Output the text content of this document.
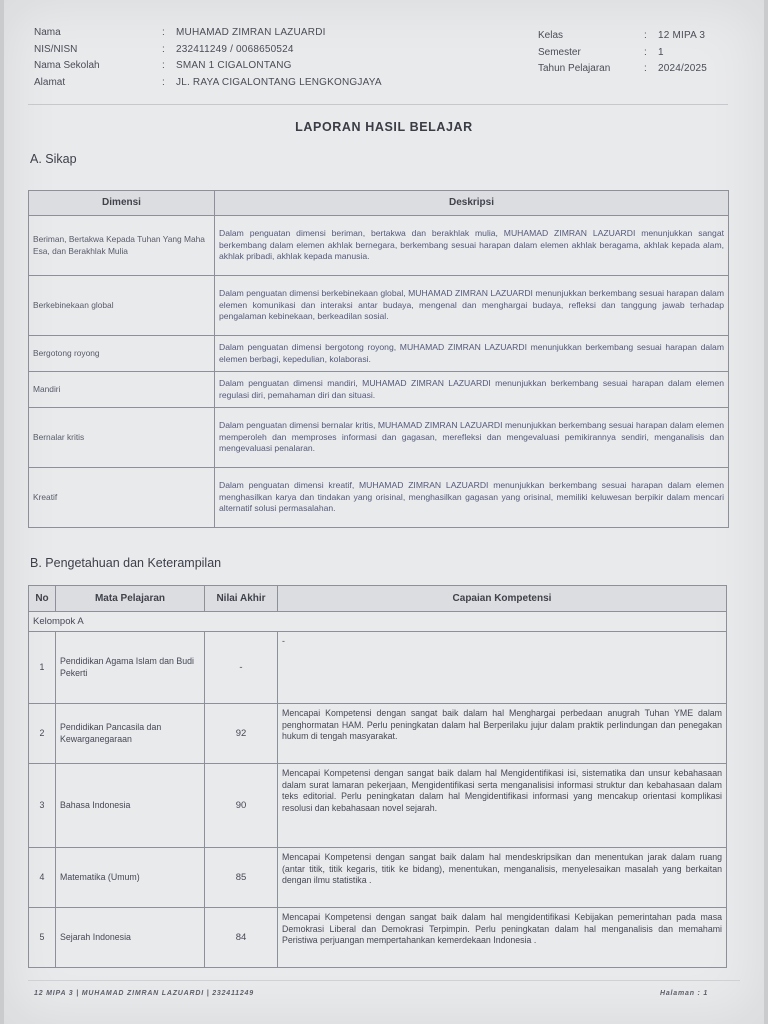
Nama	:	MUHAMAD ZIMRAN LAZUARDI
NIS/NISN	:	232411249 / 0068650524
Nama Sekolah	:	SMAN 1 CIGALONTANG
Alamat	:	JL. RAYA CIGALONTANG LENGKONGJAYA
Kelas	:	12 MIPA 3
Semester	:	1
Tahun Pelajaran	:	2024/2025
LAPORAN HASIL BELAJAR
A. Sikap
Dimensi	Deskripsi
Beriman, Bertakwa Kepada Tuhan Yang Maha Esa, dan Berakhlak Mulia	Dalam penguatan dimensi beriman, bertakwa dan berakhlak mulia, MUHAMAD ZIMRAN LAZUARDI menunjukkan sangat berkembang dalam elemen akhlak bernegara, berkembang sesuai harapan dalam elemen akhlak beragama, akhlak kepada alam, akhlak pribadi, akhlak kepada manusia.
Berkebinekaan global	Dalam penguatan dimensi berkebinekaan global, MUHAMAD ZIMRAN LAZUARDI menunjukkan berkembang sesuai harapan dalam elemen komunikasi dan interaksi antar budaya, mengenal dan menghargai budaya, refleksi dan tanggung jawab terhadap pengalaman kebinekaan, berkeadilan sosial.
Bergotong royong	Dalam penguatan dimensi bergotong royong, MUHAMAD ZIMRAN LAZUARDI menunjukkan berkembang sesuai harapan dalam elemen berbagi, kepedulian, kolaborasi.
Mandiri	Dalam penguatan dimensi mandiri, MUHAMAD ZIMRAN LAZUARDI menunjukkan berkembang sesuai harapan dalam elemen regulasi diri, pemahaman diri dan situasi.
Bernalar kritis	Dalam penguatan dimensi bernalar kritis, MUHAMAD ZIMRAN LAZUARDI menunjukkan berkembang sesuai harapan dalam elemen memperoleh dan memproses informasi dan gagasan, merefleksi dan mengevaluasi pemikirannya sendiri, menganalisis dan mengevaluasi penalaran.
Kreatif	Dalam penguatan dimensi kreatif, MUHAMAD ZIMRAN LAZUARDI menunjukkan berkembang sesuai harapan dalam elemen menghasilkan karya dan tindakan yang orisinal, menghasilkan gagasan yang orisinal, memiliki keluwesan berpikir dalam mencari alternatif solusi permasalahan.
B. Pengetahuan dan Keterampilan
No	Mata Pelajaran	Nilai Akhir	Capaian Kompetensi
Kelompok A			
1	Pendidikan Agama Islam dan Budi Pekerti	-	-
2	Pendidikan Pancasila dan Kewarganegaraan	92	Mencapai Kompetensi dengan sangat baik dalam hal Menghargai perbedaan anugrah Tuhan YME dalam penghormatan HAM. Perlu peningkatan dalam hal Berperilaku jujur dalam praktik perlindungan dan penegakan hukum di tengah masyarakat.
3	Bahasa Indonesia	90	Mencapai Kompetensi dengan sangat baik dalam hal Mengidentifikasi isi, sistematika dan unsur kebahasaan dalam surat lamaran pekerjaan, Mengidentifikasi serta menganalisisi informasi struktur dan kebahasaan dalam teks editorial. Perlu peningkatan dalam hal Mengidentifikasi informasi yang mencakup orientasi komplikasi resolusi dan kebahasaan novel sejarah.
4	Matematika (Umum)	85	Mencapai Kompetensi dengan sangat baik dalam hal mendeskripsikan dan menentukan jarak dalam ruang (antar titik, titik kegaris, titik ke bidang), menentukan, menganalisis, menyelesaikan masalah yang berkaitan dengan ilmu statistika .
5	Sejarah Indonesia	84	Mencapai Kompetensi dengan sangat baik dalam hal mengidentifikasi Kebijakan pemerintahan pada masa Demokrasi Liberal dan Demokrasi Terpimpin. Perlu peningkatan dalam hal menganalisis dan memahami Peristiwa perjuangan mempertahankan kemerdekaan Indonesia .
12 MIPA 3 | MUHAMAD ZIMRAN LAZUARDI | 232411249	Halaman : 1
